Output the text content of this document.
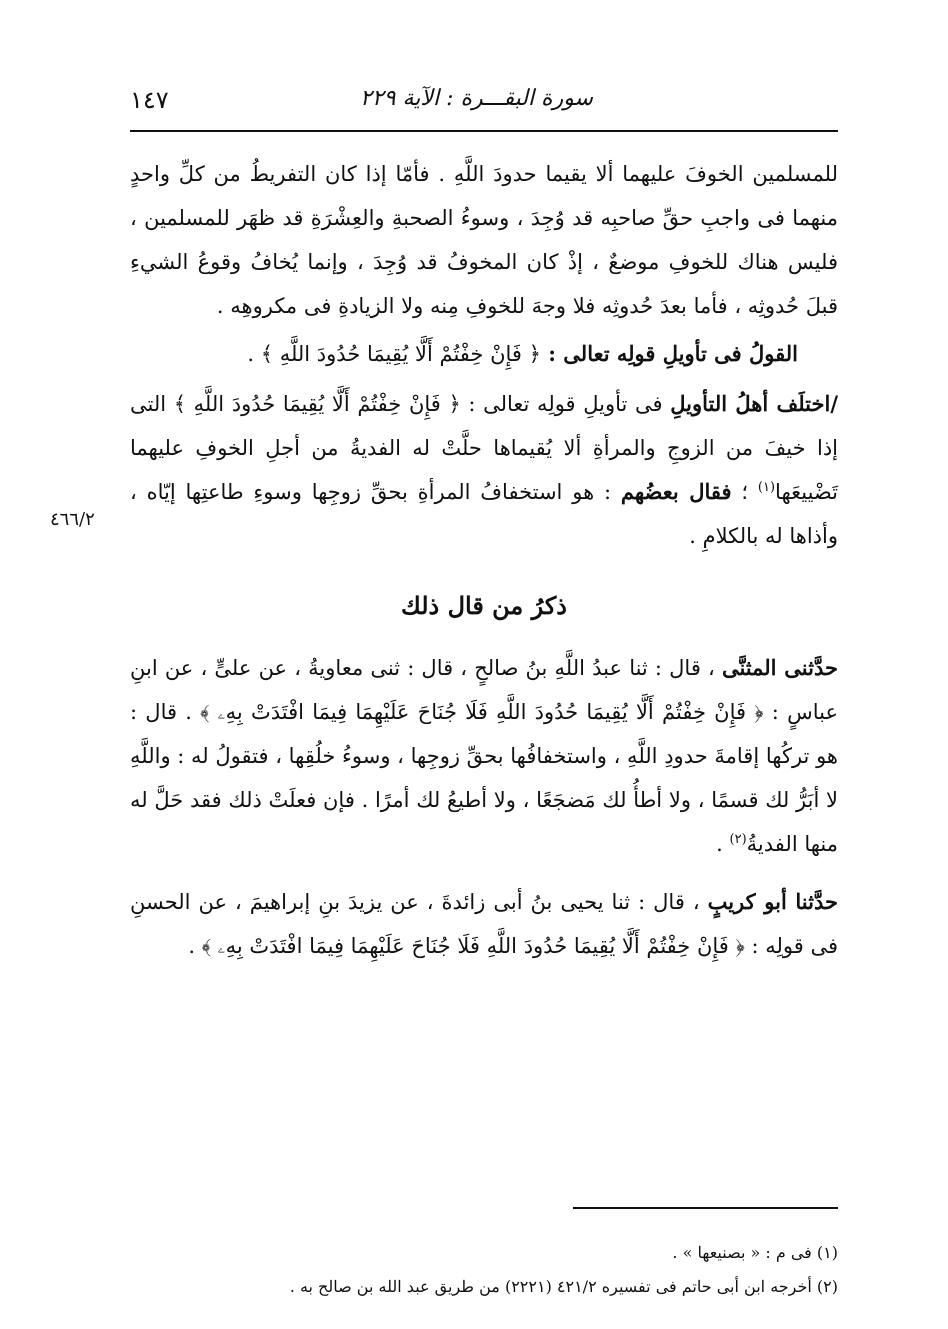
سورة البقـــرة : الآية ٢٢٩
١٤٧
٤٦٦/٢

للمسلمين الخوفَ عليهما ألا يقيما حدودَ اللَّهِ . فأمّا إذا كان التفريطُ من كلِّ واحدٍ منهما فى واجبِ حقِّ صاحبِه قد وُجِدَ ، وسوءُ الصحبةِ والعِشْرَةِ قد ظهَر للمسلمين ، فليس هناك للخوفِ موضعٌ ، إذْ كان المخوفُ قد وُجِدَ ، وإنما يُخافُ وقوعُ الشيءِ قبلَ حُدوثِه ، فأما بعدَ حُدوثِه فلا وجهَ للخوفِ مِنه ولا الزيادةِ فى مكروهِه .

القولُ فى تأويلِ قولِه تعالى : ﴿ فَإِنْ خِفْتُمْ أَلَّا يُقِيمَا حُدُودَ اللَّهِ ﴾ .

/اختلَف أهلُ التأويلِ فى تأويلِ قولِه تعالى : ﴿ فَإِنْ خِفْتُمْ أَلَّا يُقِيمَا حُدُودَ اللَّهِ ﴾ التى إذا خيفَ من الزوجِ والمرأةِ ألا يُقيماها حلَّتْ له الفديةُ من أجلِ الخوفِ عليهما تَضْييعَها$^{(١)}$ ؛ فقال بعضُهم : هو استخفافُ المرأةِ بحقِّ زوجِها وسوءِ طاعتِها إيّاه ، وأذاها له بالكلامِ .

ذكرُ من قال ذلك

حدَّثنى المثنَّى ، قال : ثنا عبدُ اللَّهِ بنُ صالحٍ ، قال : ثنى معاويةُ ، عن علىٍّ ، عن ابنِ عباسٍ : ﴿ فَإِنْ خِفْتُمْ أَلَّا يُقِيمَا حُدُودَ اللَّهِ فَلَا جُنَاحَ عَلَيْهِمَا فِيمَا افْتَدَتْ بِهِۦ ﴾ . قال : هو تركُها إقامةَ حدودِ اللَّهِ ، واستخفافُها بحقِّ زوجِها ، وسوءُ خلُقِها ، فتقولُ له : واللَّهِ لا أبَرُّ لك قسمًا ، ولا أطأُ لك مَضجَعًا ، ولا أطيعُ لك أمرًا . فإن فعلَتْ ذلك فقد حَلَّ له منها الفديةُ$^{(٢)}$ .

حدَّثنا أبو كريبٍ ، قال : ثنا يحيى بنُ أبى زائدةَ ، عن يزيدَ بنِ إبراهيمَ ، عن الحسنِ فى قولِه : ﴿ فَإِنْ خِفْتُمْ أَلَّا يُقِيمَا حُدُودَ اللَّهِ فَلَا جُنَاحَ عَلَيْهِمَا فِيمَا افْتَدَتْ بِهِۦ ﴾ .

(١) فى م : « بصنيعها » .

(٢) أخرجه ابن أبى حاتم فى تفسيره ٤٢١/٢ (٢٢٢١) من طريق عبد الله بن صالح به .
